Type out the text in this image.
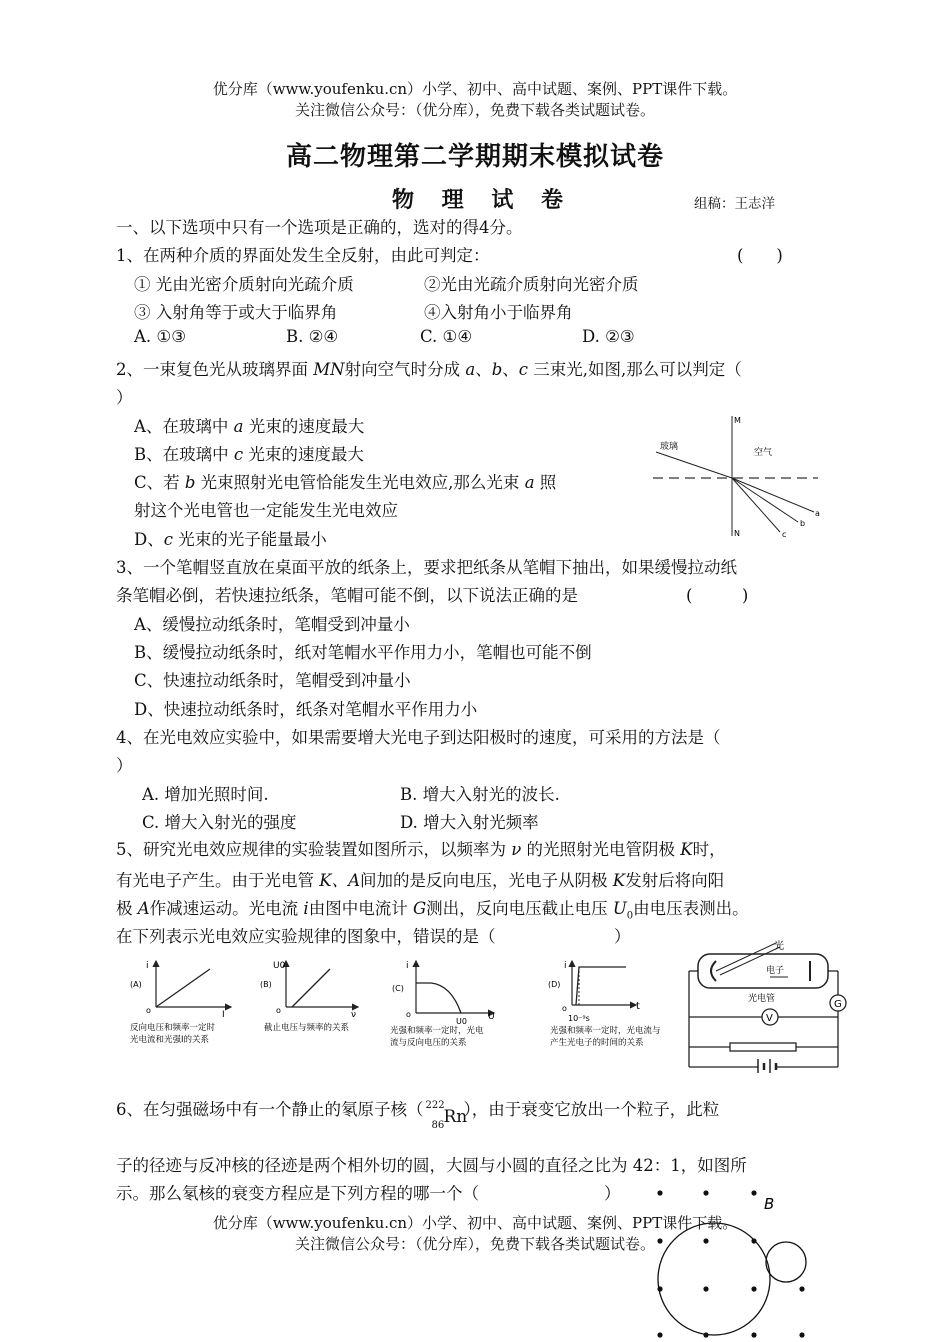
优分库（www.youfenku.cn）小学、初中、高中试题、案例、PPT课件下载。
关注微信公众号：（优分库），免费下载各类试题试卷。
高二物理第二学期期末模拟试卷
物 理 试 卷	组稿：王志洋
一、以下选项中只有一个选项是正确的，选对的得4分。
1、在两种介质的界面处发生全反射，由此可判定：	(　　)
① 光由光密介质射向光疏介质	②光由光疏介质射向光密介质
③ 入射角等于或大于临界角	④入射角小于临界角
A. ①③	B. ②④	C. ①④	D. ②③
2、一束复色光从玻璃界面 MN射向空气时分成 a、b、c 三束光,如图,那么可以判定（
）
A、在玻璃中 a 光束的速度最大
B、在玻璃中 c 光束的速度最大
C、若 b 光束照射光电管恰能发生光电效应,那么光束 a 照
射这个光电管也一定能发生光电效应
D、c 光束的光子能量最小
M
N
玻璃
空气
a
b
c
3、一个笔帽竖直放在桌面平放的纸条上，要求把纸条从笔帽下抽出，如果缓慢拉动纸
条笔帽必倒，若快速拉纸条，笔帽可能不倒，以下说法正确的是	(　　　)
A、缓慢拉动纸条时，笔帽受到冲量小
B、缓慢拉动纸条时，纸对笔帽水平作用力小，笔帽也可能不倒
C、快速拉动纸条时，笔帽受到冲量小
D、快速拉动纸条时，纸条对笔帽水平作用力小
4、在光电效应实验中，如果需要增大光电子到达阳极时的速度，可采用的方法是（
）
A. 增加光照时间.	B. 增大入射光的波长.
C. 增大入射光的强度	D. 增大入射光频率
5、研究光电效应规律的实验装置如图所示，以频率为 ν 的光照射光电管阴极 K时，
有光电子产生。由于光电管 K、A间加的是反向电压，光电子从阴极 K发射后将向阳
极 A作减速运动。光电流 i由图中电流计 G测出，反向电压截止电压 $U_0$由电压表测出。
在下列表示光电效应实验规律的图象中，错误的是（	）
i
(A)
o	I
反向电压和频率一定时
光电流和光强I的关系
U0
(B)
o	ν
截止电压与频率的关系
i
(C)
o
U0 U
光强和频率一定时，光电
流与反向电压的关系
i
(D)
o
10⁻⁹s
t
光强和频率一定时，光电流与
产生光电子的时间的关系
光
电子
光电管	G
V
6、在匀强磁场中有一个静止的氡原子核（ 222
86 Rn
），由于衰变它放出一个粒子，此粒
子的径迹与反冲核的径迹是两个相外切的圆，大圆与小圆的直径之比为 42：1，如图所
示。那么氡核的衰变方程应是下列方程的哪一个（	）
优分库（www.youfenku.cn）小学、初中、高中试题、案例、PPT课件下载。
关注微信公众号：（优分库），免费下载各类试题试卷。
B
